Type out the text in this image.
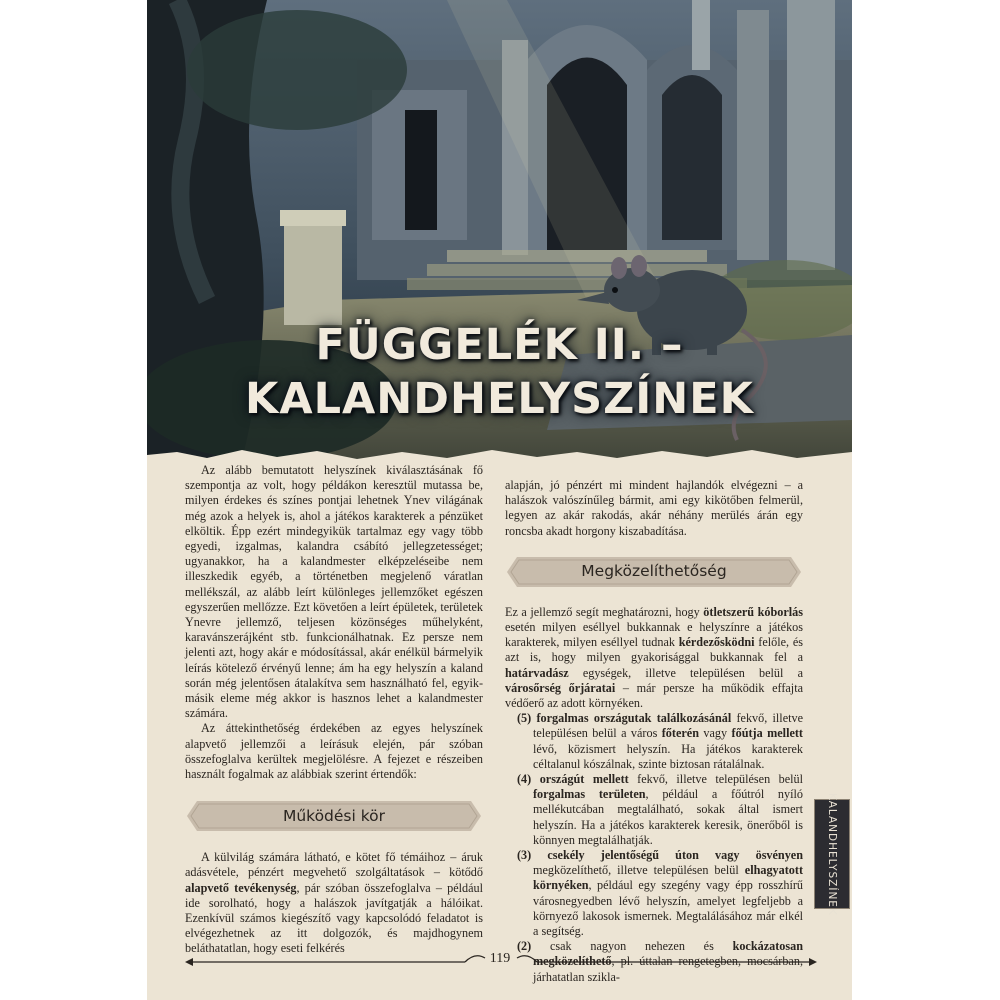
FÜGGELÉK II. –
KALANDHELYSZÍNEK

Az alább bemutatott helyszínek kiválasztásának fő szempontja az volt, hogy példákon keresztül mutassa be, milyen érdekes és színes pontjai lehetnek Ynev világának még azok a helyek is, ahol a játékos karakterek a pénzüket elköltik. Épp ezért mindegyikük tartalmaz egy vagy több egyedi, izgalmas, kalandra csábító jellegzetességet; ugyanakkor, ha a kalandmester elképzeléseibe nem illeszkedik egyéb, a történetben megjelenő váratlan mellékszál, az alább leírt különleges jellemzőket egészen egyszerűen mellőzze. Ezt követően a leírt épületek, területek Ynevre jellemző, teljesen közönséges műhelyként, karavánszerájként stb. funkcionálhatnak. Ez persze nem jelenti azt, hogy akár e módosítással, akár enélkül bármelyik leírás kötelező érvényű lenne; ám ha egy helyszín a kaland során még jelentősen átalakítva sem használható fel, egyik-másik eleme még akkor is hasznos lehet a kalandmester számára.

Az áttekinthetőség érdekében az egyes helyszínek alapvető jellemzői a leírásuk elején, pár szóban összefoglalva kerültek megjelölésre. A fejezet e részeiben használt fogalmak az alábbiak szerint értendők:

Működési kör

A külvilág számára látható, e kötet fő témáihoz – áruk adásvétele, pénzért megvehető szolgáltatások – kötődő alapvető tevékenység, pár szóban összefoglalva – például ide sorolható, hogy a halászok javítgatják a hálóikat. Ezenkívül számos kiegészítő vagy kapcsolódó feladatot is elvégezhetnek az itt dolgozók, és majdhogynem beláthatatlan, hogy eseti felkérés

alapján, jó pénzért mi mindent hajlandók elvégezni – a halászok valószínűleg bármit, ami egy kikötőben felmerül, legyen az akár rakodás, akár néhány merülés árán egy roncsba akadt horgony kiszabadítása.

Megközelíthetőség

Ez a jellemző segít meghatározni, hogy ötletszerű kóborlás esetén milyen eséllyel bukkannak e helyszínre a játékos karakterek, milyen eséllyel tudnak kérdezősködni felőle, és azt is, hogy milyen gyakorisággal bukkannak fel a határvadász egységek, illetve településen belül a városőrség őrjáratai – már persze ha működik effajta védőerő az adott környéken.

(5) forgalmas országutak találkozásánál fekvő, illetve településen belül a város főterén vagy főútja mellett lévő, közismert helyszín. Ha játékos karakterek céltalanul kószálnak, szinte biztosan rátalálnak.
(4) országút mellett fekvő, illetve településen belül forgalmas területen, például a főútról nyíló mellékutcában megtalálható, sokak által ismert helyszín. Ha a játékos karakterek keresik, önerőből is könnyen megtalálhatják.
(3) csekély jelentőségű úton vagy ösvényen megközelíthető, illetve településen belül elhagyatott környéken, például egy szegény vagy épp rosszhírű városnegyedben lévő helyszín, amelyet legfeljebb a környező lakosok ismernek. Megtalálásához már elkél a segítség.
(2) csak nagyon nehezen és kockázatosan megközelíthető, pl. úttalan rengetegben, mocsárban, járhatatlan szikla-
KALANDHELYSZÍNEK
119
